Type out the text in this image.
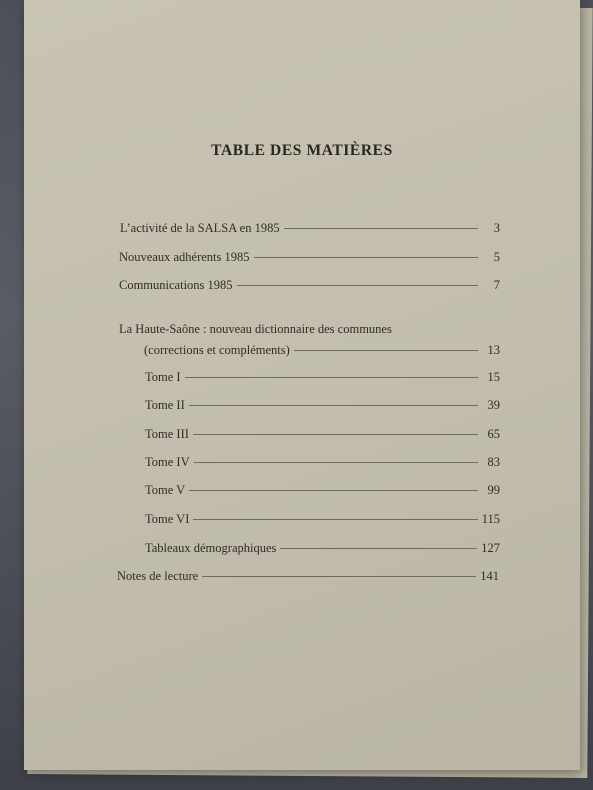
TABLE DES MATIÈRES
L’activité de la SALSA en 1985	3
Nouveaux adhérents 1985	5
Communications 1985	7
La Haute-Saône : nouveau dictionnaire des communes
(corrections et compléments)	13
Tome I	15
Tome II	39
Tome III	65
Tome IV	83
Tome V	99
Tome VI	115
Tableaux démographiques	127
Notes de lecture	141
